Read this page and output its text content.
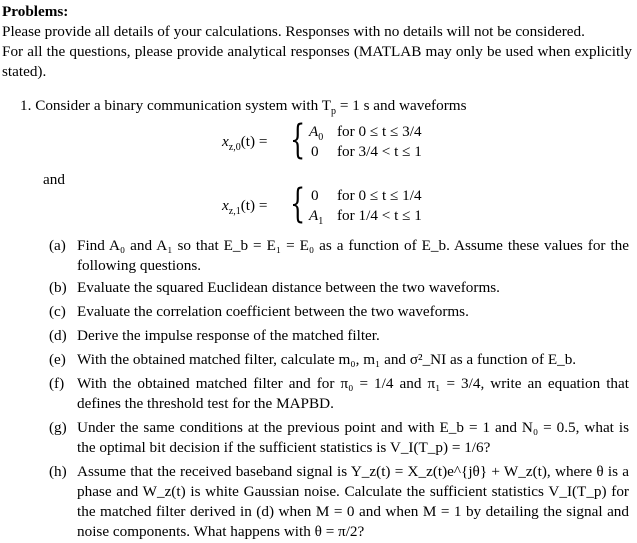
Problems:

Please provide all details of your calculations. Responses with no details will not be considered.

For all the questions, please provide analytical responses (MATLAB may only be used when explicitly stated).

1. Consider a binary communication system with $T_p = 1$ s and waveforms
$x_{z,0}(t)$ = { $A_0$ for 0 ≤ t ≤ 3/4
0 for 3/4 < t ≤ 1
and
$x_{z,1}(t)$ = { 0 for 0 ≤ t ≤ 1/4
$A_1$ for 1/4 < t ≤ 1
(a) Find A₀ and A₁ so that E_b = E₁ = E₀ as a function of E_b. Assume these values for the following questions.
(b) Evaluate the squared Euclidean distance between the two waveforms.
(c) Evaluate the correlation coefficient between the two waveforms.
(d) Derive the impulse response of the matched filter.
(e) With the obtained matched filter, calculate m₀, m₁ and σ²_NI as a function of E_b.
(f) With the obtained matched filter and for π₀ = 1/4 and π₁ = 3/4, write an equation that defines the threshold test for the MAPBD.
(g) Under the same conditions at the previous point and with E_b = 1 and N₀ = 0.5, what is the optimal bit decision if the sufficient statistics is V_I(T_p) = 1/6?
(h) Assume that the received baseband signal is Y_z(t) = X_z(t)e^{jθ} + W_z(t), where θ is a phase and W_z(t) is white Gaussian noise. Calculate the sufficient statistics V_I(T_p) for the matched filter derived in (d) when M = 0 and when M = 1 by detailing the signal and noise components. What happens with θ = π/2?
